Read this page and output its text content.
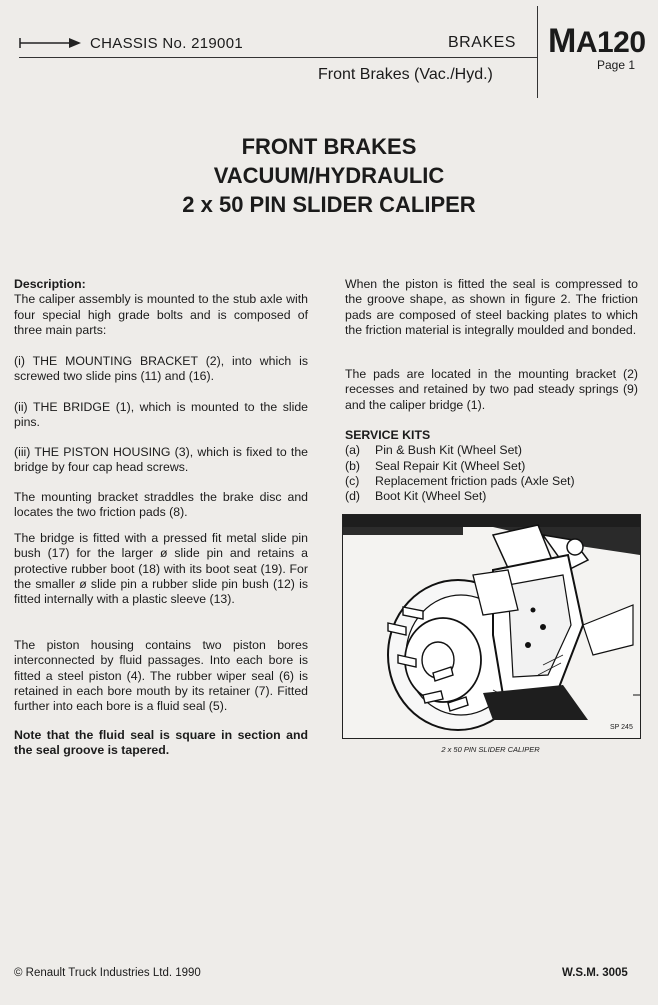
CHASSIS No. 219001	BRAKES MA120
Page 1
Front Brakes (Vac./Hyd.)
FRONT BRAKES
VACUUM/HYDRAULIC
2 x 50 PIN SLIDER CALIPER

Description:

The caliper assembly is mounted to the stub axle with four special high grade bolts and is composed of three main parts:

(i) THE MOUNTING BRACKET (2), into which is screwed two slide pins (11) and (16).
(ii) THE BRIDGE (1), which is mounted to the slide pins.
(iii) THE PISTON HOUSING (3), which is fixed to the bridge by four cap head screws.
The mounting bracket straddles the brake disc and locates the two friction pads (8).
The bridge is fitted with a pressed fit metal slide pin bush (17) for the larger ø slide pin and retains a protective rubber boot (18) with its boot seat (19). For the smaller ø slide pin a rubber slide pin bush (12) is fitted internally with a plastic sleeve (13).
The piston housing contains two piston bores interconnected by fluid passages. Into each bore is fitted a steel piston (4). The rubber wiper seal (6) is retained in each bore mouth by its retainer (7). Fitted further into each bore is a fluid seal (5).
Note that the fluid seal is square in section and the seal groove is tapered.
When the piston is fitted the seal is compressed to the groove shape, as shown in figure 2. The friction pads are composed of steel backing plates to which the friction material is integrally moulded and bonded.
The pads are located in the mounting bracket (2) recesses and retained by two pad steady springs (9) and the caliper bridge (1).
SERVICE KITS
(a)	Pin & Bush Kit (Wheel Set)
(b)	Seal Repair Kit (Wheel Set)
(c)	Replacement friction pads (Axle Set)
(d)	Boot Kit (Wheel Set)
SP 245
2 x 50 PIN SLIDER CALIPER
© Renault Truck Industries Ltd. 1990	W.S.M. 3005
